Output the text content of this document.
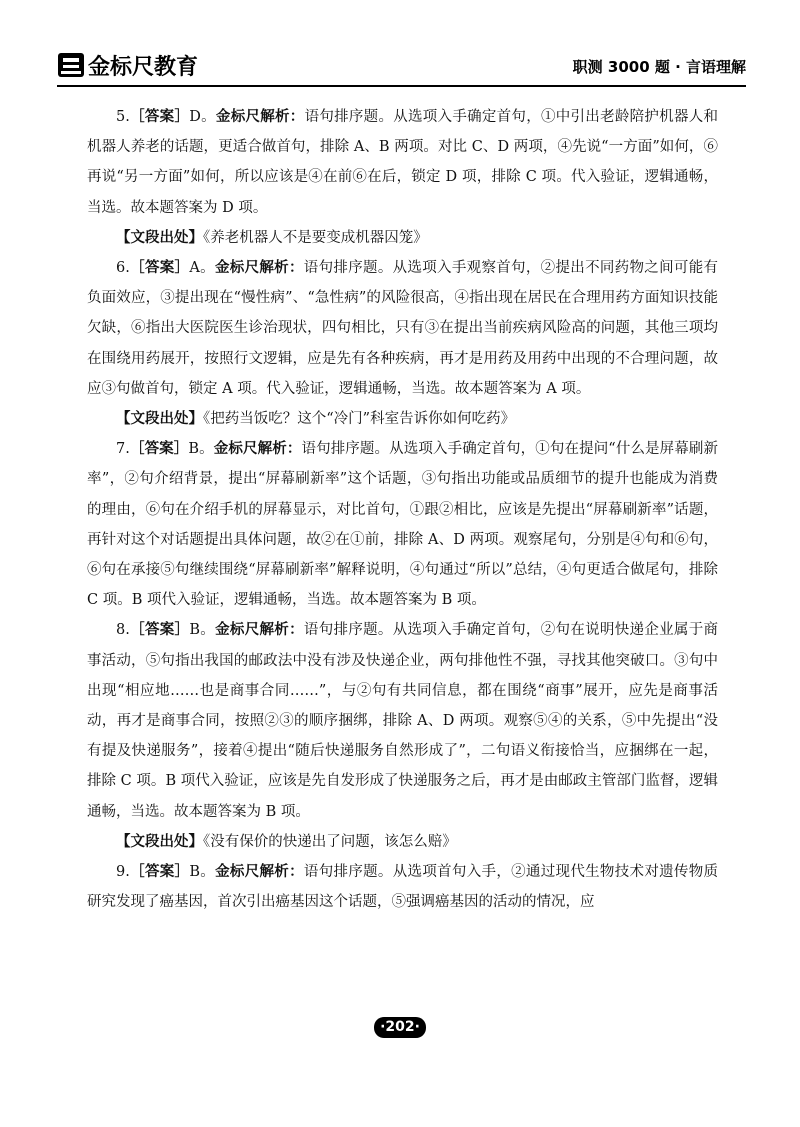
金标尺教育	职测 3000 题 · 言语理解

5.［答案］D。金标尺解析：语句排序题。从选项入手确定首句，①中引出老龄陪护机器人和机器人养老的话题，更适合做首句，排除 A、B 两项。对比 C、D 两项，④先说“一方面”如何，⑥再说“另一方面”如何，所以应该是④在前⑥在后，锁定 D 项，排除 C 项。代入验证，逻辑通畅，当选。故本题答案为 D 项。

【文段出处】《养老机器人不是要变成机器囚笼》

6.［答案］A。金标尺解析：语句排序题。从选项入手观察首句，②提出不同药物之间可能有负面效应，③提出现在“慢性病”、“急性病”的风险很高，④指出现在居民在合理用药方面知识技能欠缺，⑥指出大医院医生诊治现状，四句相比，只有③在提出当前疾病风险高的问题，其他三项均在围绕用药展开，按照行文逻辑，应是先有各种疾病，再才是用药及用药中出现的不合理问题，故应③句做首句，锁定 A 项。代入验证，逻辑通畅，当选。故本题答案为 A 项。

【文段出处】《把药当饭吃？这个“冷门”科室告诉你如何吃药》

7.［答案］B。金标尺解析：语句排序题。从选项入手确定首句，①句在提问“什么是屏幕刷新率”，②句介绍背景，提出“屏幕刷新率”这个话题，③句指出功能或品质细节的提升也能成为消费的理由，⑥句在介绍手机的屏幕显示，对比首句，①跟②相比，应该是先提出“屏幕刷新率”话题，再针对这个对话题提出具体问题，故②在①前，排除 A、D 两项。观察尾句，分别是④句和⑥句，⑥句在承接⑤句继续围绕“屏幕刷新率”解释说明，④句通过“所以”总结，④句更适合做尾句，排除 C 项。B 项代入验证，逻辑通畅，当选。故本题答案为 B 项。

8.［答案］B。金标尺解析：语句排序题。从选项入手确定首句，②句在说明快递企业属于商事活动，⑤句指出我国的邮政法中没有涉及快递企业，两句排他性不强，寻找其他突破口。③句中出现“相应地……也是商事合同……”，与②句有共同信息，都在围绕“商事”展开，应先是商事活动，再才是商事合同，按照②③的顺序捆绑，排除 A、D 两项。观察⑤④的关系，⑤中先提出“没有提及快递服务”，接着④提出“随后快递服务自然形成了”，二句语义衔接恰当，应捆绑在一起，排除 C 项。B 项代入验证，应该是先自发形成了快递服务之后，再才是由邮政主管部门监督，逻辑通畅，当选。故本题答案为 B 项。

【文段出处】《没有保价的快递出了问题，该怎么赔》

9.［答案］B。金标尺解析：语句排序题。从选项首句入手，②通过现代生物技术对遗传物质研究发现了癌基因，首次引出癌基因这个话题，⑤强调癌基因的活动的情况，应

·202·
